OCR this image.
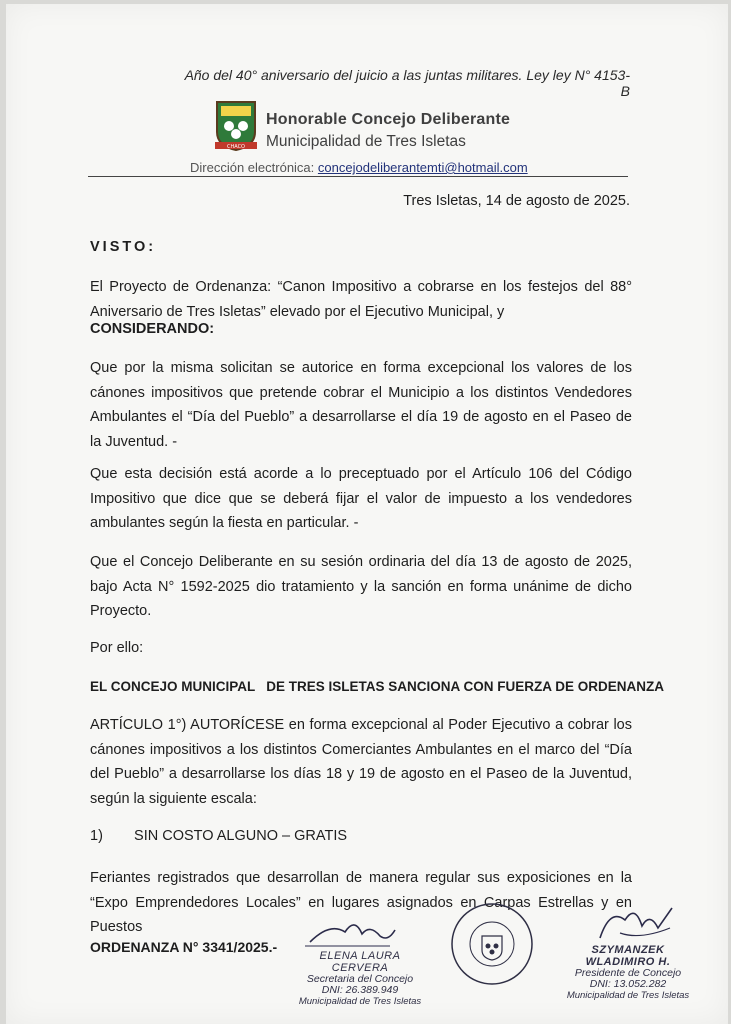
Año del 40° aniversario del juicio a las juntas militares. Ley ley N° 4153-B
CHACO
Honorable Concejo Deliberante
Municipalidad de Tres Isletas
Dirección electrónica: concejodeliberantemti@hotmail.com
Tres Isletas, 14 de agosto de 2025.
VISTO:
El Proyecto de Ordenanza: “Canon Impositivo a cobrarse en los festejos del 88° Aniversario de Tres Isletas” elevado por el Ejecutivo Municipal, y
CONSIDERANDO:
Que por la misma solicitan se autorice en forma excepcional los valores de los cánones impositivos que pretende cobrar el Municipio a los distintos Vendedores Ambulantes el “Día del Pueblo” a desarrollarse el día 19 de agosto en el Paseo de la Juventud. -
Que esta decisión está acorde a lo preceptuado por el Artículo 106 del Código Impositivo que dice que se deberá fijar el valor de impuesto a los vendedores ambulantes según la fiesta en particular. -
Que el Concejo Deliberante en su sesión ordinaria del día 13 de agosto de 2025, bajo Acta N° 1592-2025 dio tratamiento y la sanción en forma unánime de dicho Proyecto.
Por ello:
EL CONCEJO MUNICIPAL   DE TRES ISLETAS SANCIONA CON FUERZA DE ORDENANZA
ARTÍCULO 1°) AUTORÍCESE en forma excepcional al Poder Ejecutivo a cobrar los cánones impositivos a los distintos Comerciantes Ambulantes en el marco del “Día del Pueblo” a desarrollarse los días 18 y 19 de agosto en el Paseo de la Juventud, según la siguiente escala:
1) SIN COSTO ALGUNO – GRATIS
Feriantes registrados que desarrollan de manera regular sus exposiciones en la “Expo Emprendedores Locales” en lugares asignados en Carpas Estrellas y en Puestos
ORDENANZA N° 3341/2025.-
ELENA LAURA CERVERA
Secretaria del Concejo
DNI: 26.389.949
Municipalidad de Tres Isletas
SZYMANZEK WLADIMIRO H.
Presidente de Concejo
DNI: 13.052.282
Municipalidad de Tres Isletas
